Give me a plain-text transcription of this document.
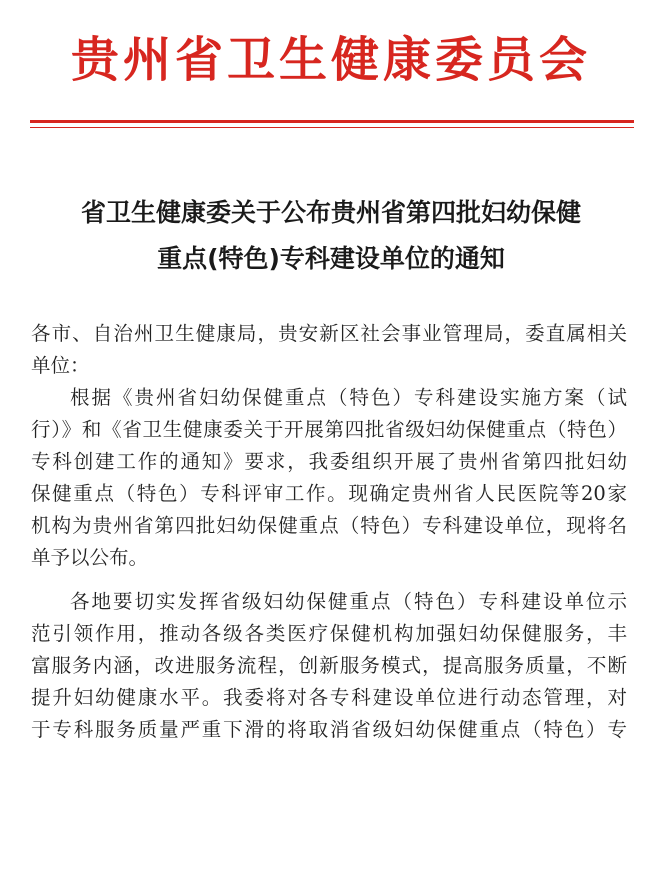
贵州省卫生健康委员会
省卫生健康委关于公布贵州省第四批妇幼保健
重点(特色)专科建设单位的通知
各市、自治州卫生健康局，贵安新区社会事业管理局，委直属相关
单位：
根据《贵州省妇幼保健重点（特色）专科建设实施方案（试
行）》和《省卫生健康委关于开展第四批省级妇幼保健重点（特色）
专科创建工作的通知》要求，我委组织开展了贵州省第四批妇幼
保健重点（特色）专科评审工作。现确定贵州省人民医院等20家
机构为贵州省第四批妇幼保健重点（特色）专科建设单位，现将名
单予以公布。
各地要切实发挥省级妇幼保健重点（特色）专科建设单位示
范引领作用，推动各级各类医疗保健机构加强妇幼保健服务，丰
富服务内涵，改进服务流程，创新服务模式，提高服务质量，不断
提升妇幼健康水平。我委将对各专科建设单位进行动态管理，对
于专科服务质量严重下滑的将取消省级妇幼保健重点（特色）专
